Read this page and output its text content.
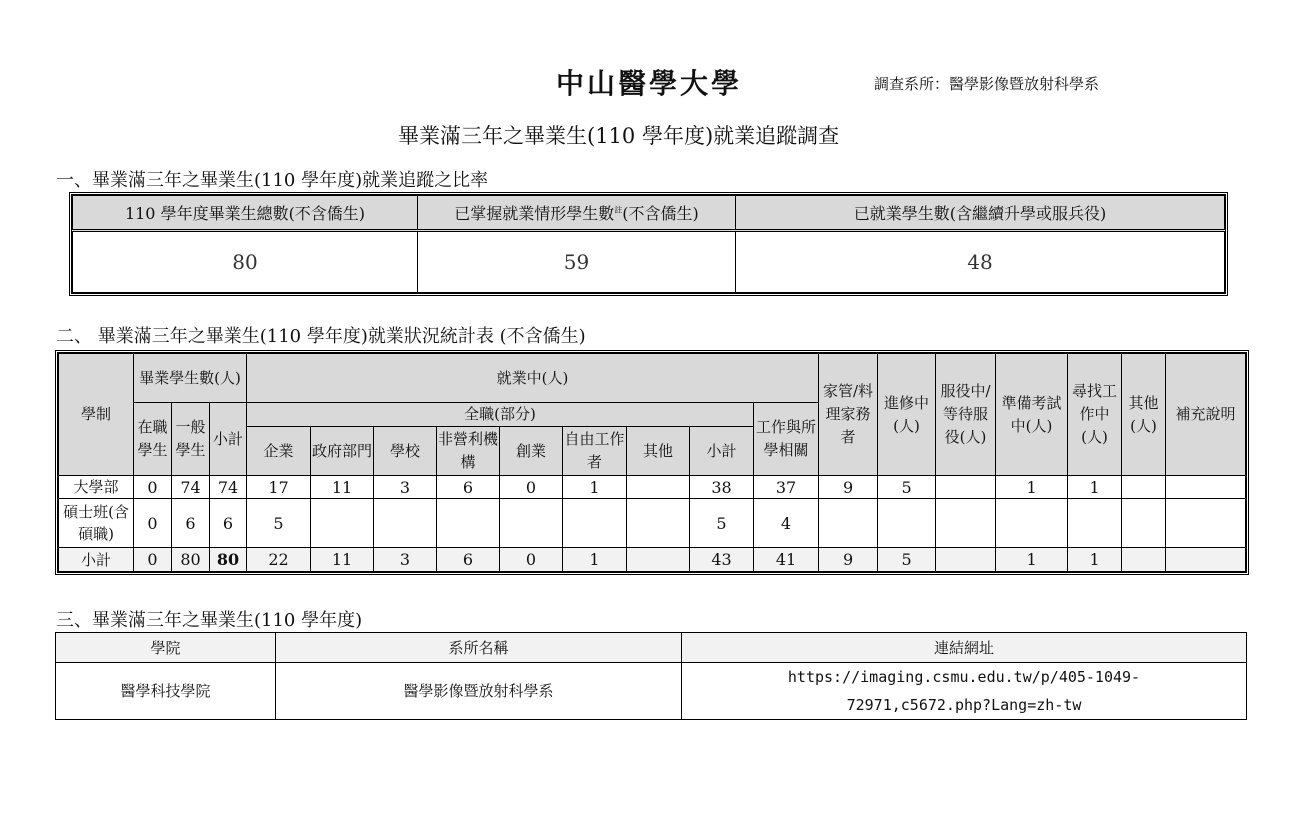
中山醫學大學	調查系所：醫學影像暨放射科學系
畢業滿三年之畢業生(110 學年度)就業追蹤調查
一、畢業滿三年之畢業生(110 學年度)就業追蹤之比率
110 學年度畢業生總數(不含僑生)	已掌握就業情形學生數$^註$(不含僑生)	已就業學生數(含繼續升學或服兵役)
80	59	48
二、 畢業滿三年之畢業生(110 學年度)就業狀況統計表 (不含僑生)
學制	畢業學生數(人)			就業中(人)									家管/料理家務者	進修中(人)	服役中/等待服役(人)	準備考試中(人)	尋找工作中(人)	其他(人)	補充說明
	在職學生	一般學生	小計	全職(部分)								工作與所學相關							
				企業	政府部門	學校	非營利機構	創業	自由工作者	其他	小計								
大學部	0	74	74	17	11	3	6	0	1		38	37	9	5		1	1		
碩士班(含碩職)	0	6	6	5							5	4							
小計	0	80	80	22	11	3	6	0	1		43	41	9	5		1	1		
三、畢業滿三年之畢業生(110 學年度)
學院	系所名稱	連結網址
醫學科技學院	醫學影像暨放射科學系	https://imaging.csmu.edu.tw/p/405-1049-
72971,c5672.php?Lang=zh-tw
